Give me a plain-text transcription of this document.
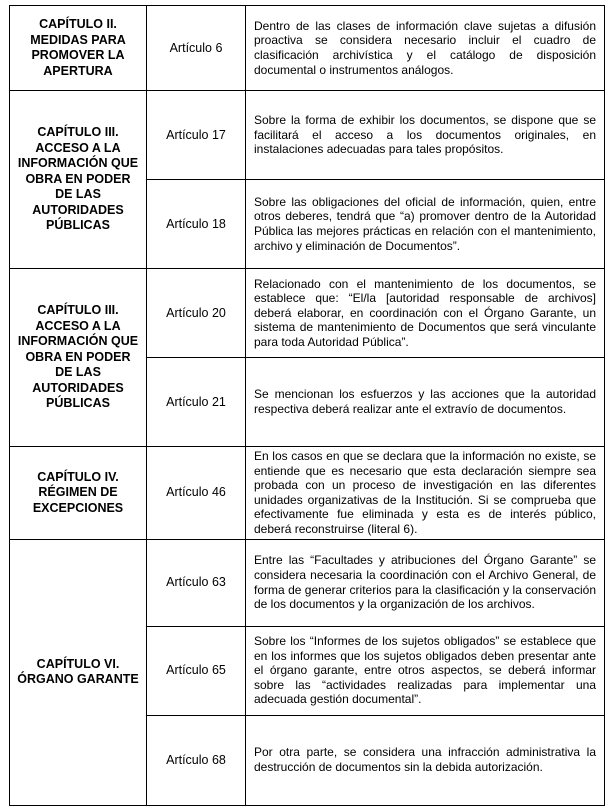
CAPÍTULO II. MEDIDAS PARA PROMOVER LA APERTURA	Artículo 6	Dentro de las clases de información clave sujetas a difusión proactiva se considera necesario incluir el cuadro de clasificación archivística y el catálogo de disposición documental o instrumentos análogos.
CAPÍTULO III. ACCESO A LA INFORMACIÓN QUE OBRA EN PODER DE LAS AUTORIDADES PÚBLICAS	Artículo 17	Sobre la forma de exhibir los documentos, se dispone que se facilitará el acceso a los documentos originales, en instalaciones adecuadas para tales propósitos.
	Artículo 18	Sobre las obligaciones del oficial de información, quien, entre otros deberes, tendrá que “a) promover dentro de la Autoridad Pública las mejores prácticas en relación con el mantenimiento, archivo y eliminación de Documentos”.
CAPÍTULO III. ACCESO A LA INFORMACIÓN QUE OBRA EN PODER DE LAS AUTORIDADES PÚBLICAS	Artículo 20	Relacionado con el mantenimiento de los documentos, se establece que: “El/la [autoridad responsable de archivos] deberá elaborar, en coordinación con el Órgano Garante, un sistema de mantenimiento de Documentos que será vinculante para toda Autoridad Pública”.
	Artículo 21	Se mencionan los esfuerzos y las acciones que la autoridad respectiva deberá realizar ante el extravío de documentos.
CAPÍTULO IV. RÉGIMEN DE EXCEPCIONES	Artículo 46	En los casos en que se declara que la información no existe, se entiende que es necesario que esta declaración siempre sea probada con un proceso de investigación en las diferentes unidades organizativas de la Institución. Si se comprueba que efectivamente fue eliminada y esta es de interés público, deberá reconstruirse (literal 6).
CAPÍTULO VI. ÓRGANO GARANTE	Artículo 63	Entre las “Facultades y atribuciones del Órgano Garante” se considera necesaria la coordinación con el Archivo General, de forma de generar criterios para la clasificación y la conservación de los documentos y la organización de los archivos.
	Artículo 65	Sobre los “Informes de los sujetos obligados” se establece que en los informes que los sujetos obligados deben presentar ante el órgano garante, entre otros aspectos, se deberá informar sobre las “actividades realizadas para implementar una adecuada gestión documental”.
	Artículo 68	Por otra parte, se considera una infracción administrativa la destrucción de documentos sin la debida autorización.
